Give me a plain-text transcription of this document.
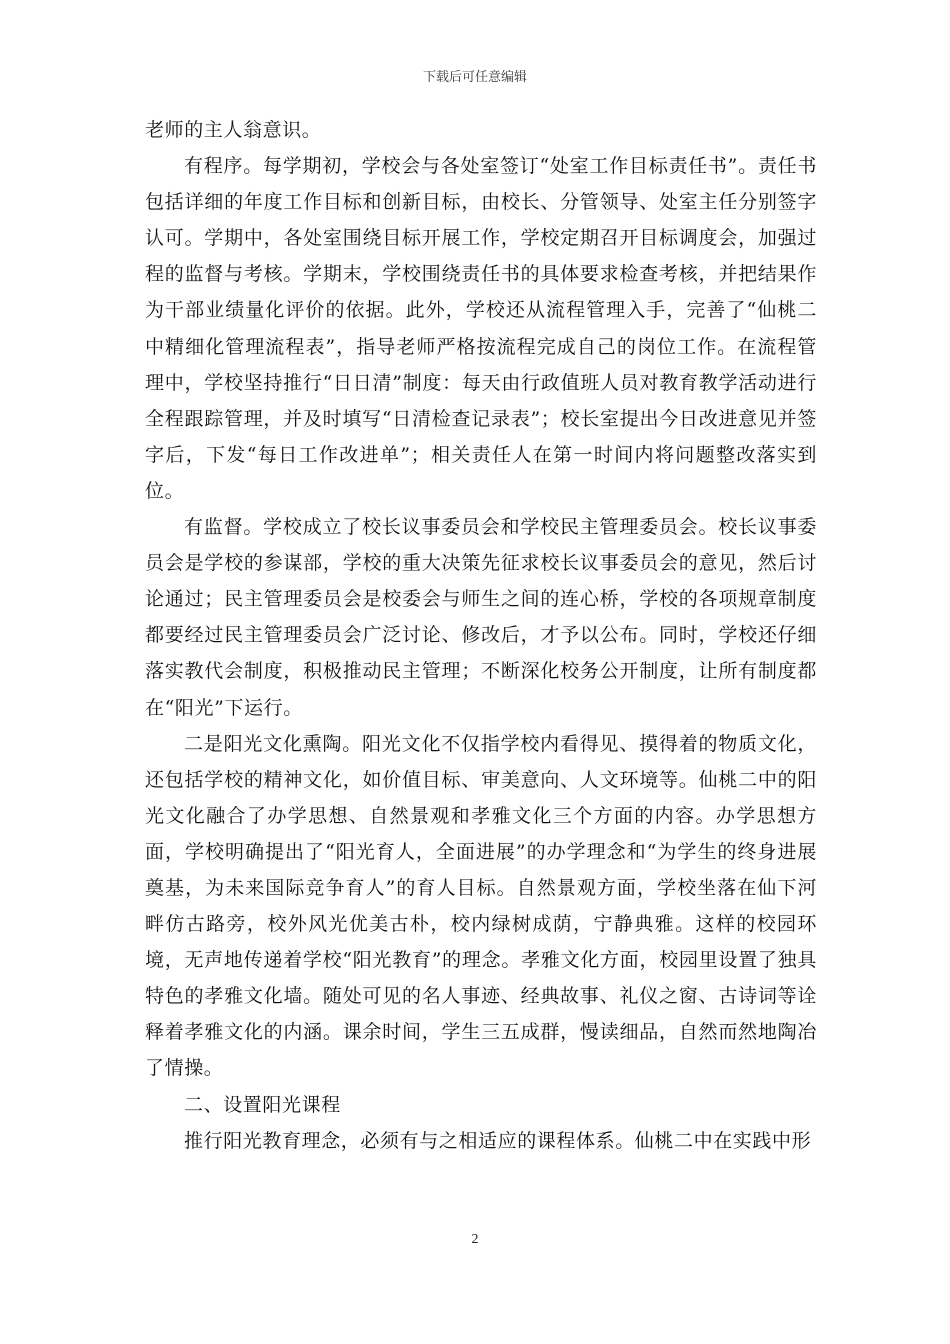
下载后可任意编辑

老师的主人翁意识。

有程序。每学期初，学校会与各处室签订“处室工作目标责任书”。责任书包括详细的年度工作目标和创新目标，由校长、分管领导、处室主任分别签字认可。学期中，各处室围绕目标开展工作，学校定期召开目标调度会，加强过程的监督与考核。学期末，学校围绕责任书的具体要求检查考核，并把结果作为干部业绩量化评价的依据。此外，学校还从流程管理入手，完善了“仙桃二中精细化管理流程表”，指导老师严格按流程完成自己的岗位工作。在流程管理中，学校坚持推行“日日清”制度：每天由行政值班人员对教育教学活动进行全程跟踪管理，并及时填写“日清检查记录表”；校长室提出今日改进意见并签字后，下发“每日工作改进单”；相关责任人在第一时间内将问题整改落实到位。

有监督。学校成立了校长议事委员会和学校民主管理委员会。校长议事委员会是学校的参谋部，学校的重大决策先征求校长议事委员会的意见，然后讨论通过；民主管理委员会是校委会与师生之间的连心桥，学校的各项规章制度都要经过民主管理委员会广泛讨论、修改后，才予以公布。同时，学校还仔细落实教代会制度，积极推动民主管理；不断深化校务公开制度，让所有制度都在“阳光”下运行。

二是阳光文化熏陶。阳光文化不仅指学校内看得见、摸得着的物质文化，还包括学校的精神文化，如价值目标、审美意向、人文环境等。仙桃二中的阳光文化融合了办学思想、自然景观和孝雅文化三个方面的内容。办学思想方面，学校明确提出了“阳光育人，全面进展”的办学理念和“为学生的终身进展奠基，为未来国际竞争育人”的育人目标。自然景观方面，学校坐落在仙下河畔仿古路旁，校外风光优美古朴，校内绿树成荫，宁静典雅。这样的校园环境，无声地传递着学校“阳光教育”的理念。孝雅文化方面，校园里设置了独具特色的孝雅文化墙。随处可见的名人事迹、经典故事、礼仪之窗、古诗词等诠释着孝雅文化的内涵。课余时间，学生三五成群，慢读细品，自然而然地陶冶了情操。

二、设置阳光课程

推行阳光教育理念，必须有与之相适应的课程体系。仙桃二中在实践中形

2
